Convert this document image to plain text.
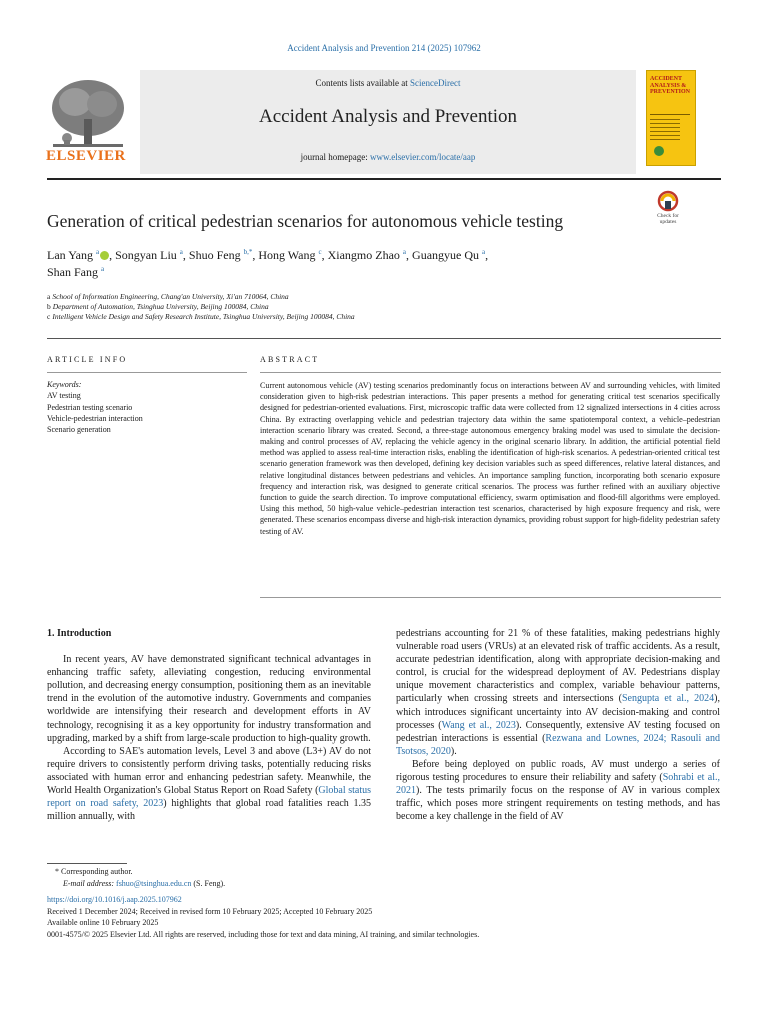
Accident Analysis and Prevention 214 (2025) 107962
ELSEVIER
Contents lists available at ScienceDirect
Accident Analysis and Prevention
journal homepage: www.elsevier.com/locate/aap
ACCIDENT ANALYSIS & PREVENTION
Generation of critical pedestrian scenarios for autonomous vehicle testing	Check for
updates
Lan Yang $^a$ , Songyan Liu $^a$, Shuo Feng $^{b,*}$, Hong Wang $^c$, Xiangmo Zhao $^a$, Guangyue Qu $^a$,
Shan Fang $^a$
a School of Information Engineering, Chang'an University, Xi'an 710064, China
b Department of Automation, Tsinghua University, Beijing 100084, China
c Intelligent Vehicle Design and Safety Research Institute, Tsinghua University, Beijing 100084, China
ARTICLE INFO	ABSTRACT
Keywords:
AV testing
Pedestrian testing scenario
Vehicle-pedestrian interaction
Scenario generation
Current autonomous vehicle (AV) testing scenarios predominantly focus on interactions between AV and surrounding vehicles, with limited consideration given to high-risk pedestrian interactions. This paper presents a method for generating critical test scenarios specifically designed for pedestrian-oriented evaluations. First, microscopic traffic data were collected from 12 signalized intersections in 4 cities across China. By extracting overlapping vehicle and pedestrian trajectory data within the same spatiotemporal context, a vehicle–pedestrian interaction scenario library was created. Second, a three-stage autonomous emergency braking model was used to simulate the decision-making and control processes of AV, replacing the vehicle agency in the original scenario library. In addition, the artificial potential field method was applied to assess real-time interaction risks, enabling the identification of high-risk scenarios. A pedestrian-oriented critical test scenario generation framework was then developed, defining key decision variables such as speed differences, relative lateral distances, and relative longitudinal distances between pedestrians and vehicles. An importance sampling function, incorporating both scenario exposure frequency and interaction risk, was designed to generate critical scenarios. The process was further refined with an auxiliary objective function to guide the search direction. To improve computational efficiency, swarm optimisation and flood-fill algorithms were employed. Using this method, 50 high-value vehicle–pedestrian interaction test scenarios, characterised by high exposure frequency and risk, were generated. These scenarios encompass diverse and high-risk interaction dynamics, providing robust support for high-fidelity pedestrian safety testing of AV.
1. Introduction

In recent years, AV have demonstrated significant technical advantages in enhancing traffic safety, alleviating congestion, reducing environmental pollution, and decreasing energy consumption, positioning them as an inevitable trend in the evolution of the automotive industry. Governments and companies worldwide are intensifying their research and development efforts in AV technology, recognising it as a key opportunity for industry transformation and upgrading, marked by a shift from large-scale production to high-quality growth.

According to SAE's automation levels, Level 3 and above (L3+) AV do not require drivers to consistently perform driving tasks, potentially reducing risks associated with human error and enhancing pedestrian safety. Meanwhile, the World Health Organization's Global Status Report on Road Safety (Global status report on road safety, 2023) highlights that global road fatalities reach 1.35 million annually, with

pedestrians accounting for 21 % of these fatalities, making pedestrians highly vulnerable road users (VRUs) at an elevated risk of traffic accidents. As a result, accurate pedestrian identification, along with appropriate decision-making and control, is crucial for the widespread deployment of AV. Pedestrians display unique movement characteristics and complex, variable behaviour patterns, particularly when crossing streets and intersections (Sengupta et al., 2024), which introduces significant uncertainty into AV decision-making and control processes (Wang et al., 2023). Consequently, extensive AV testing focused on pedestrian interactions is essential (Rezwana and Lownes, 2024; Rasouli and Tsotsos, 2020).

Before being deployed on public roads, AV must undergo a series of rigorous testing procedures to ensure their reliability and safety (Sohrabi et al., 2021). The tests primarily focus on the response of AV in various complex traffic, which poses more stringent requirements on testing methods, and has become a key challenge in the field of AV

* Corresponding author.
E-mail address: fshuo@tsinghua.edu.cn (S. Feng).
https://doi.org/10.1016/j.aap.2025.107962
Received 1 December 2024; Received in revised form 10 February 2025; Accepted 10 February 2025
Available online 10 February 2025
0001-4575/© 2025 Elsevier Ltd. All rights are reserved, including those for text and data mining, AI training, and similar technologies.
